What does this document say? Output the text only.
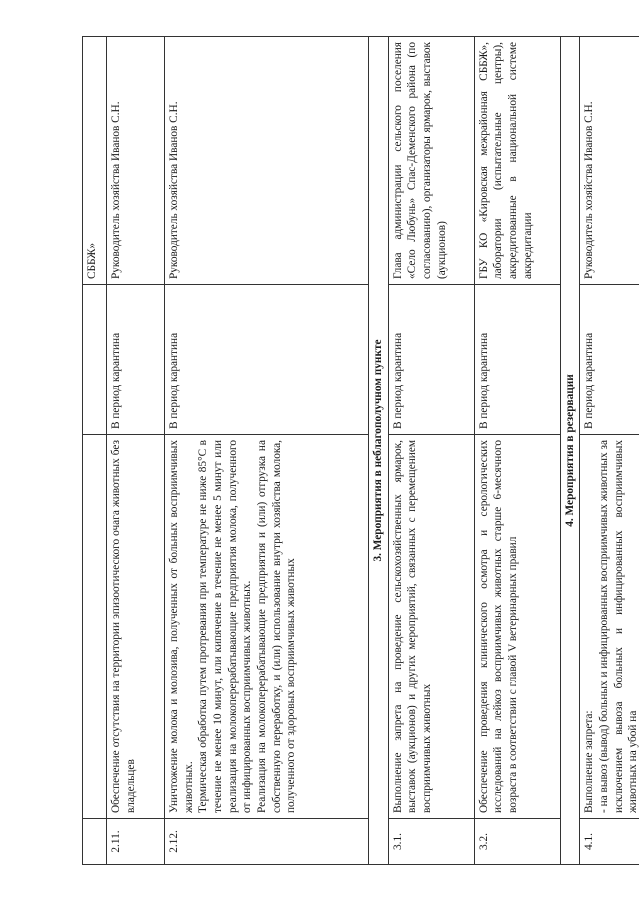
			СББЖ»
2.11.	Обеспечение отсутствия на территории эпизоотического очага животных без владельцев	В период карантина	Руководитель хозяйства Иванов С.Н.
2.12.	Уничтожение молока и молозива, полученных от больных восприимчивых животных. Термическая обработка путем протревания при температуре не ниже 85°С в течение не менее 10 минут, или кипячение в течение не менее 5 минут или реализация на молокоперерабатывающие предприятия молока, полученного от инфицированных восприимчивых животных. Реализация на молокоперерабатывающие предприятия и (или) отгрузка на собственную переработку, и (или) использование внутри хозяйства молока, полученного от здоровых восприимчивых животных	В период карантина	Руководитель хозяйства Иванов С.Н.
3. Мероприятия в неблагополучном пункте			
3.1.	Выполнение запрета на проведение сельскохозяйственных ярмарок, выставок (аукционов) и других мероприятий, связанных с перемещением восприимчивых животных	В период карантина	Глава администрации сельского поселения «Село Любунь» Спас-Деменского района (по согласованию), организаторы ярмарок, выставок (аукционов)
3.2.	Обеспечение проведения клинического осмотра и серологических исследований на лейкоз восприимчивых животных старше 6-месячного возраста в соответствии с главой V ветеринарных правил	В период карантина	ГБУ КО «Кировская межрайонная СББЖ», лаборатории (испытательные центры), аккредитованные в национальной системе аккредитации
4. Мероприятия в резервации			
4.1.	Выполнение запрета: - на вывоз (вывод) больных и инфицированных восприимчивых животных за исключением вывоза больных и инфицированных восприимчивых животных на убой на	В период карантина	Руководитель хозяйства Иванов С.Н.
